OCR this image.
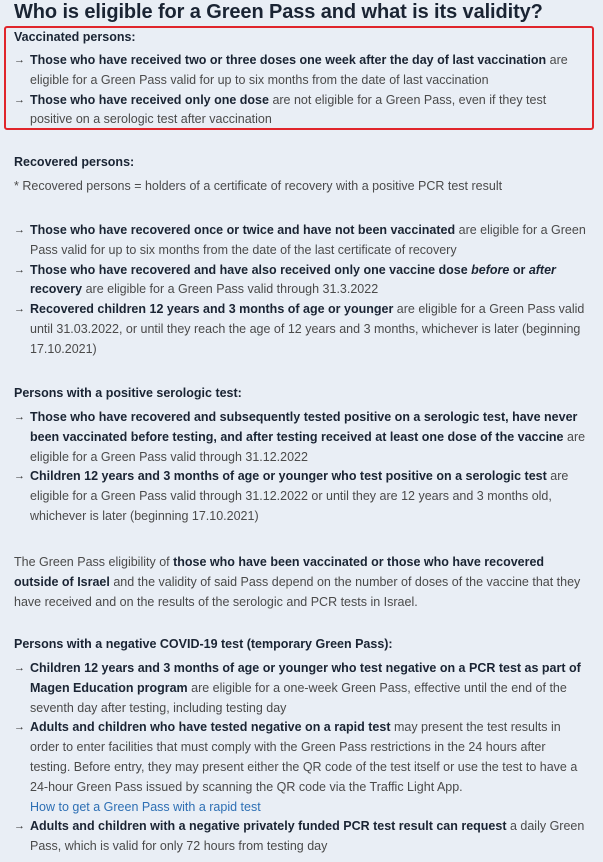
Who is eligible for a Green Pass and what is its validity?
Vaccinated persons:
→ Those who have received two or three doses one week after the day of last vaccination are eligible for a Green Pass valid for up to six months from the date of last vaccination
→ Those who have received only one dose are not eligible for a Green Pass, even if they test positive on a serologic test after vaccination
Recovered persons:
* Recovered persons = holders of a certificate of recovery with a positive PCR test result
→ Those who have recovered once or twice and have not been vaccinated are eligible for a Green Pass valid for up to six months from the date of the last certificate of recovery
→ Those who have recovered and have also received only one vaccine dose before or after recovery are eligible for a Green Pass valid through 31.3.2022
→ Recovered children 12 years and 3 months of age or younger are eligible for a Green Pass valid until 31.03.2022, or until they reach the age of 12 years and 3 months, whichever is later (beginning 17.10.2021)
Persons with a positive serologic test:
→ Those who have recovered and subsequently tested positive on a serologic test, have never been vaccinated before testing, and after testing received at least one dose of the vaccine are eligible for a Green Pass valid through 31.12.2022
→ Children 12 years and 3 months of age or younger who test positive on a serologic test are eligible for a Green Pass valid through 31.12.2022 or until they are 12 years and 3 months old, whichever is later (beginning 17.10.2021)
The Green Pass eligibility of those who have been vaccinated or those who have recovered outside of Israel and the validity of said Pass depend on the number of doses of the vaccine that they have received and on the results of the serologic and PCR tests in Israel.
Persons with a negative COVID-19 test (temporary Green Pass):
→ Children 12 years and 3 months of age or younger who test negative on a PCR test as part of Magen Education program are eligible for a one-week Green Pass, effective until the end of the seventh day after testing, including testing day
→ Adults and children who have tested negative on a rapid test may present the test results in order to enter facilities that must comply with the Green Pass restrictions in the 24 hours after testing. Before entry, they may present either the QR code of the test itself or use the test to have a 24-hour Green Pass issued by scanning the QR code via the Traffic Light App.
How to get a Green Pass with a rapid test
→ Adults and children with a negative privately funded PCR test result can request a daily Green Pass, which is valid for only 72 hours from testing day
